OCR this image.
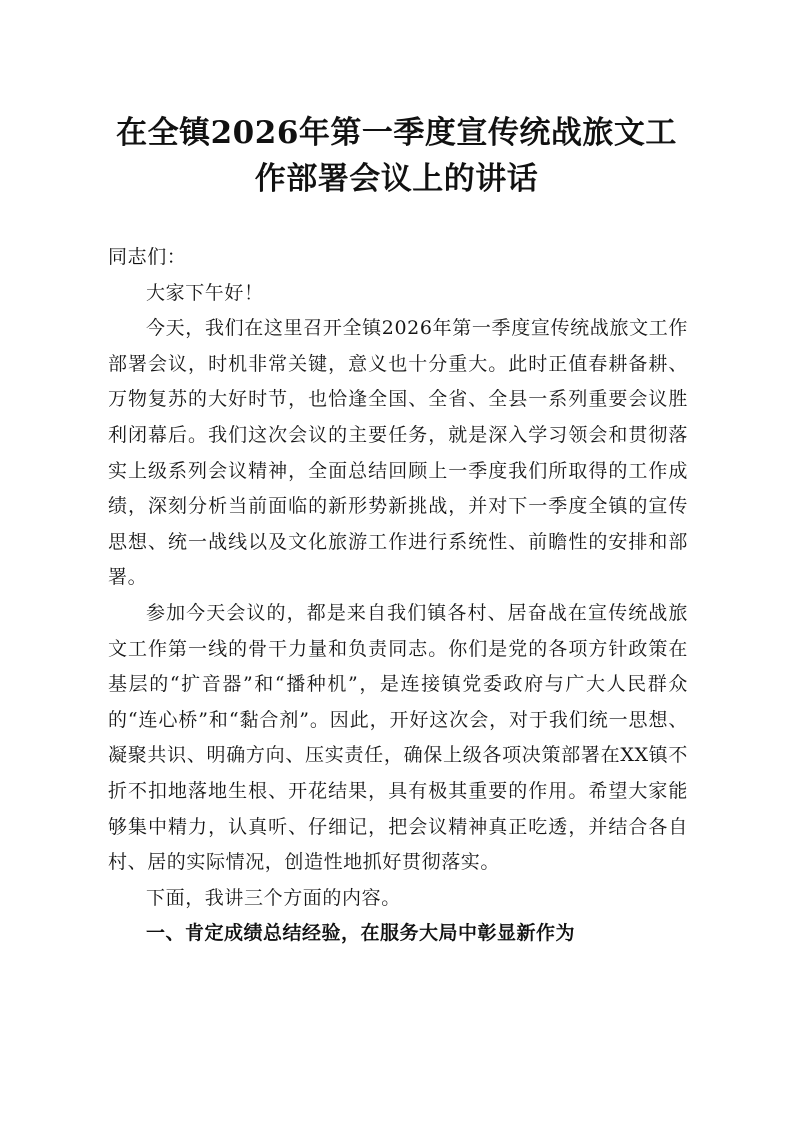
在全镇2026年第一季度宣传统战旅文工
作部署会议上的讲话

同志们：

大家下午好！

今天，我们在这里召开全镇2026年第一季度宣传统战旅文工作部署会议，时机非常关键，意义也十分重大。此时正值春耕备耕、万物复苏的大好时节，也恰逢全国、全省、全县一系列重要会议胜利闭幕后。我们这次会议的主要任务，就是深入学习领会和贯彻落实上级系列会议精神，全面总结回顾上一季度我们所取得的工作成绩，深刻分析当前面临的新形势新挑战，并对下一季度全镇的宣传思想、统一战线以及文化旅游工作进行系统性、前瞻性的安排和部署。

参加今天会议的，都是来自我们镇各村、居奋战在宣传统战旅文工作第一线的骨干力量和负责同志。你们是党的各项方针政策在基层的“扩音器”和“播种机”，是连接镇党委政府与广大人民群众的“连心桥”和“黏合剂”。因此，开好这次会，对于我们统一思想、凝聚共识、明确方向、压实责任，确保上级各项决策部署在XX镇不折不扣地落地生根、开花结果，具有极其重要的作用。希望大家能够集中精力，认真听、仔细记，把会议精神真正吃透，并结合各自村、居的实际情况，创造性地抓好贯彻落实。

下面，我讲三个方面的内容。

一、肯定成绩总结经验，在服务大局中彰显新作为
